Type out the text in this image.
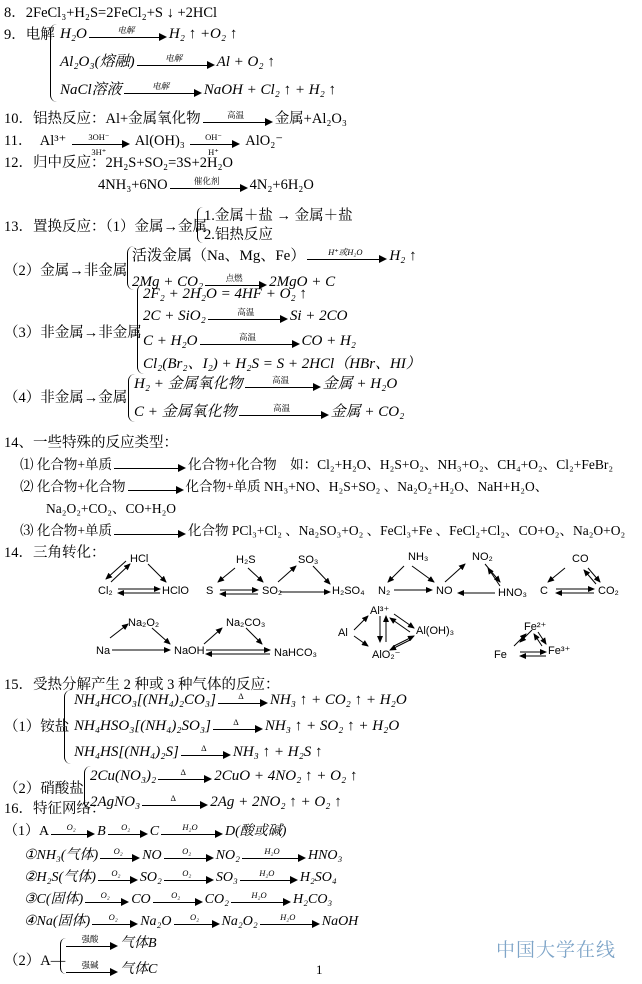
8．2FeCl₃+H₂S=2FeCl₂+S ↓ +2HCl
9．电解 H₂O	电解	H₂ ↑ +O₂ ↑
Al₂O₃(熔融)	电解	Al + O₂ ↑
NaCl溶液	电解	NaOH + Cl₂ ↑ + H₂ ↑
10．铝热反应：Al+金属氧化物	高温	金属+Al₂O₃
11． $Al^{3+} \frac{3OH^-}{3H^+} Al(OH)_3 \frac{OH^-}{H^+} AlO_2^-$
12．归中反应：2H₂S+SO₂=3S+2H₂O
4NH₃+6NO	催化剂	4N₂+6H₂O
13．置换反应：（1）金属→金属
1.金属＋盐 → 金属＋盐
2.铝热反应
（2）金属→非金属
活泼金属（Na、Mg、Fe）	H⁺或H₂O	H₂ ↑
2Mg + CO₂	点燃	2MgO + C
（3）非金属→非金属
2F₂ + 2H₂O = 4HF + O₂ ↑
2C + SiO₂	高温	Si + 2CO
C + H₂O	高温	CO + H₂
Cl₂(Br₂、I₂) + H₂S = S + 2HCl（HBr、HI）
（4）非金属→金属
H₂ + 金属氧化物	高温	金属 + H₂O
C + 金属氧化物	高温	金属 + CO₂
14、一些特殊的反应类型：
⑴ 化合物+单质	化合物+化合物 如：Cl₂+H₂O、H₂S+O₂、NH₃+O₂、CH₄+O₂、Cl₂+FeBr₂
⑵ 化合物+化合物	化合物+单质 NH₃+NO、H₂S+SO₂ 、Na₂O₂+H₂O、NaH+H₂O、
Na₂O₂+CO₂、CO+H₂O
⑶ 化合物+单质	化合物 PCl₃+Cl₂ 、Na₂SO₃+O₂ 、FeCl₃+Fe 、FeCl₂+Cl₂、CO+O₂、Na₂O+O₂
14．三角转化： HCl
Cl₂	HClO
H₂S
S	SO₂
SO₃
H₂SO₄
NH₃
N₂	NO
NO₂
HNO₃
CO
C	CO₂
Na₂O₂
Na	NaOH
Na₂CO₃
NaHCO₃
Al³⁺
Al	Al(OH)₃
AlO₂⁻
Fe²⁺
Fe	Fe³⁺
15．受热分解产生 2 种或 3 种气体的反应：
（1）铵盐
NH₄HCO₃[(NH₄)₂CO₃]	Δ	NH₃ ↑ + CO₂ ↑ + H₂O
NH₄HSO₃[(NH₄)₂SO₃]	Δ	NH₃ ↑ + SO₂ ↑ + H₂O
NH₄HS[(NH₄)₂S]	Δ	NH₃ ↑ + H₂S ↑
（2）硝酸盐
2Cu(NO₃)₂	Δ	2CuO + 4NO₂ ↑ + O₂ ↑
2AgNO₃	Δ	2Ag + 2NO₂ ↑ + O₂ ↑
16．特征网络：
（1）A	O₂	B	O₂	C	H₂O	D(酸或碱)
①NH₃(气体)	O₂	NO	O₂	NO₂	H₂O	HNO₃
②H₂S(气体)	O₂	SO₂	O₂	SO₃	H₂O	H₂SO₄
③C(固体)	O₂	CO	O₂	CO₂	H₂O	H₂CO₃
④Na(固体)	O₂	Na₂O	O₂	Na₂O₂	H₂O	NaOH
（2）A—
强酸	气体B
强碱	气体C
中国大学在线
1
